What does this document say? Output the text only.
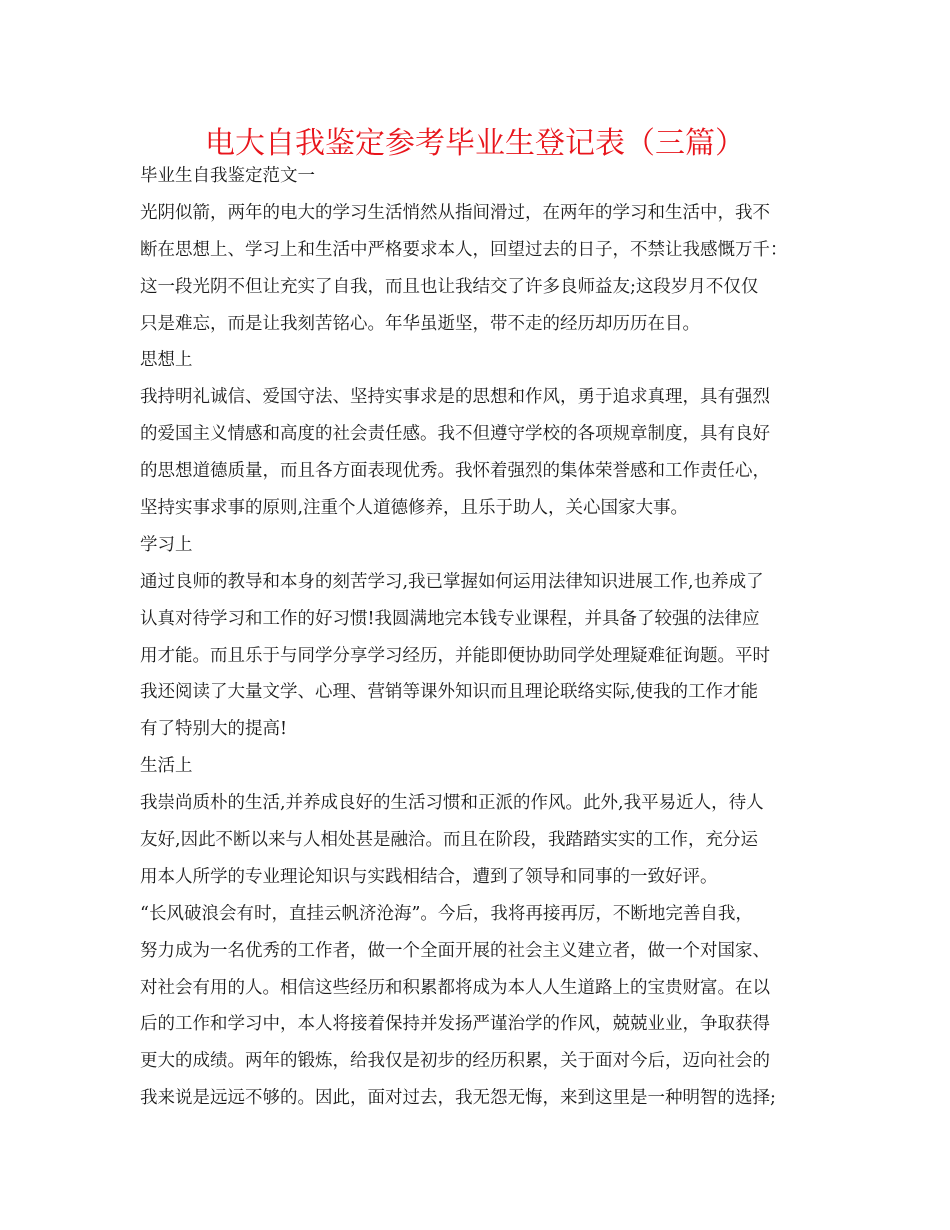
电大自我鉴定参考毕业生登记表（三篇）
毕业生自我鉴定范文一
光阴似箭，两年的电大的学习生活悄然从指间滑过，在两年的学习和生活中，我不
断在思想上、学习上和生活中严格要求本人，回望过去的日子，不禁让我感慨万千：
这一段光阴不但让充实了自我，而且也让我结交了许多良师益友;这段岁月不仅仅
只是难忘，而是让我刻苦铭心。年华虽逝坚，带不走的经历却历历在目。
思想上
我持明礼诚信、爱国守法、坚持实事求是的思想和作风，勇于追求真理，具有强烈
的爱国主义情感和高度的社会责任感。我不但遵守学校的各项规章制度，具有良好
的思想道德质量，而且各方面表现优秀。我怀着强烈的集体荣誉感和工作责任心，
坚持实事求事的原则,注重个人道德修养，且乐于助人，关心国家大事。
学习上
通过良师的教导和本身的刻苦学习,我已掌握如何运用法律知识进展工作,也养成了
认真对待学习和工作的好习惯!我圆满地完本钱专业课程，并具备了较强的法律应
用才能。而且乐于与同学分享学习经历，并能即便协助同学处理疑难征询题。平时
我还阅读了大量文学、心理、营销等课外知识而且理论联络实际,使我的工作才能
有了特别大的提高!
生活上
我崇尚质朴的生活,并养成良好的生活习惯和正派的作风。此外,我平易近人，待人
友好,因此不断以来与人相处甚是融洽。而且在阶段，我踏踏实实的工作，充分运
用本人所学的专业理论知识与实践相结合，遭到了领导和同事的一致好评。
“长风破浪会有时，直挂云帆济沧海”。今后，我将再接再厉，不断地完善自我，
努力成为一名优秀的工作者，做一个全面开展的社会主义建立者，做一个对国家、
对社会有用的人。相信这些经历和积累都将成为本人人生道路上的宝贵财富。在以
后的工作和学习中，本人将接着保持并发扬严谨治学的作风，兢兢业业，争取获得
更大的成绩。两年的锻炼，给我仅是初步的经历积累，关于面对今后，迈向社会的
我来说是远远不够的。因此，面对过去，我无怨无悔，来到这里是一种明智的选择;
